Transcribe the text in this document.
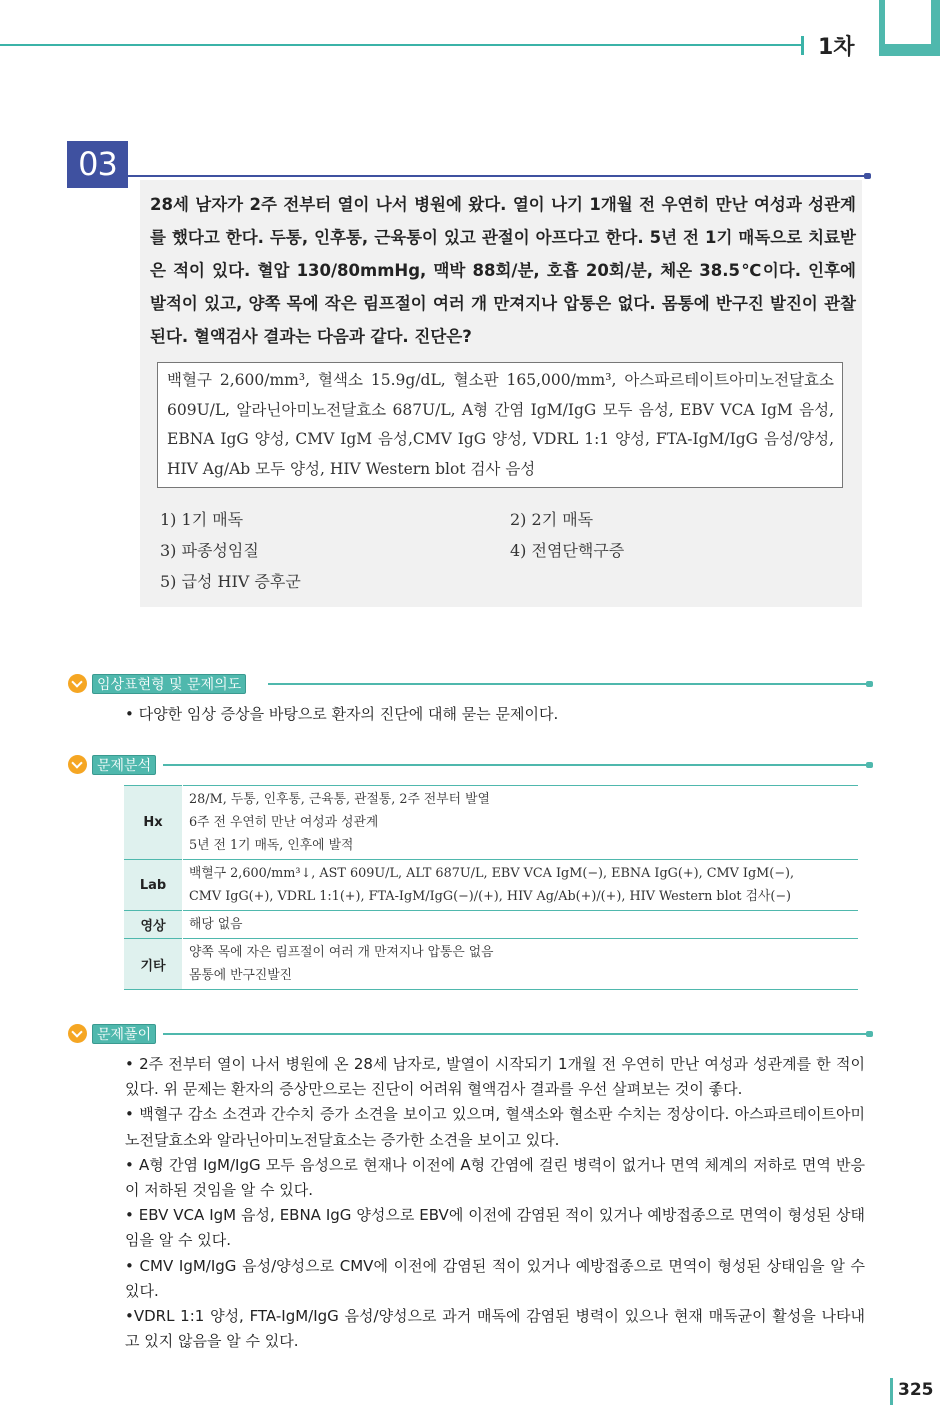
1차
03
28세 남자가 2주 전부터 열이 나서 병원에 왔다. 열이 나기 1개월 전 우연히 만난 여성과 성관계를 했다고 한다. 두통, 인후통, 근육통이 있고 관절이 아프다고 한다. 5년 전 1기 매독으로 치료받은 적이 있다. 혈압 130/80mmHg, 맥박 88회/분, 호흡 20회/분, 체온 38.5℃이다. 인후에 발적이 있고, 양쪽 목에 작은 림프절이 여러 개 만져지나 압통은 없다. 몸통에 반구진 발진이 관찰된다. 혈액검사 결과는 다음과 같다. 진단은?
백혈구 2,600/mm³, 혈색소 15.9g/dL, 혈소판 165,000/mm³, 아스파르테이트아미노전달효소 609U/L, 알라닌아미노전달효소 687U/L, A형 간염 IgM/IgG 모두 음성, EBV VCA IgM 음성, EBNA IgG 양성, CMV IgM 음성,CMV IgG 양성, VDRL 1:1 양성, FTA-IgM/IgG 음성/양성, HIV Ag/Ab 모두 양성, HIV Western blot 검사 음성
1) 1기 매독	2) 2기 매독
3) 파종성임질	4) 전염단핵구증
5) 급성 HIV 증후군
임상표현형 및 문제의도
• 다양한 임상 증상을 바탕으로 환자의 진단에 대해 묻는 문제이다.
문제분석
Hx	28/M, 두통, 인후통, 근육통, 관절통, 2주 전부터 발열
6주 전 우연히 만난 여성과 성관계
5년 전 1기 매독, 인후에 발적

Lab	백혈구 2,600/mm³↓, AST 609U/L, ALT 687U/L, EBV VCA IgM(−), EBNA IgG(+), CMV IgM(−),
CMV IgG(+), VDRL 1:1(+), FTA-IgM/IgG(−)/(+), HIV Ag/Ab(+)/(+), HIV Western blot 검사(−)

영상	해당 없음

기타	양쪽 목에 자은 림프절이 여러 개 만져지나 압통은 없음
몸통에 반구진발진
문제풀이
• 2주 전부터 열이 나서 병원에 온 28세 남자로, 발열이 시작되기 1개월 전 우연히 만난 여성과 성관계를 한 적이 있다. 위 문제는 환자의 증상만으로는 진단이 어려워 혈액검사 결과를 우선 살펴보는 것이 좋다.
• 백혈구 감소 소견과 간수치 증가 소견을 보이고 있으며, 혈색소와 혈소판 수치는 정상이다. 아스파르테이트아미노전달효소와 알라닌아미노전달효소는 증가한 소견을 보이고 있다.
• A형 간염 IgM/IgG 모두 음성으로 현재나 이전에 A형 간염에 걸린 병력이 없거나 면역 체계의 저하로 면역 반응이 저하된 것임을 알 수 있다.
• EBV VCA IgM 음성, EBNA IgG 양성으로 EBV에 이전에 감염된 적이 있거나 예방접종으로 면역이 형성된 상태임을 알 수 있다.
• CMV IgM/IgG 음성/양성으로 CMV에 이전에 감염된 적이 있거나 예방접종으로 면역이 형성된 상태임을 알 수 있다.
•VDRL 1:1 양성, FTA-IgM/IgG 음성/양성으로 과거 매독에 감염된 병력이 있으나 현재 매독균이 활성을 나타내고 있지 않음을 알 수 있다.
325
